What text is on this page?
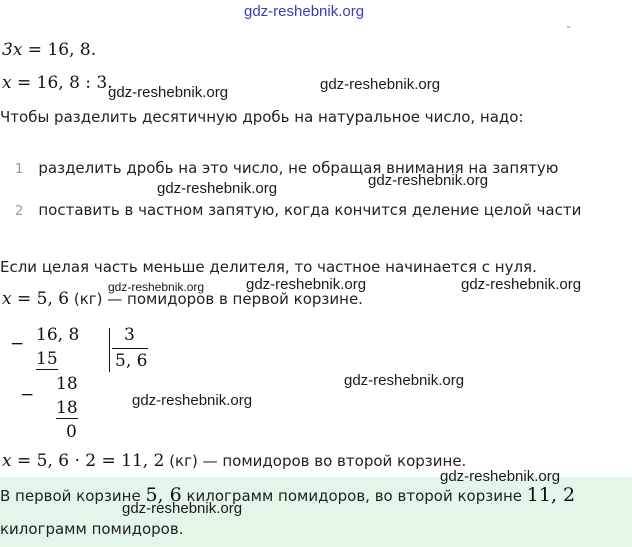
gdz-reshebnik.org
˜
3x = 16, 8.
x = 16, 8 : 3.
gdz-reshebnik.org	gdz-reshebnik.org
Чтобы разделить десятичную дробь на натуральное число, надо:
1 разделить дробь на это число, не обращая внимания на запятую
gdz-reshebnik.org	gdz-reshebnik.org
2 поставить в частном запятую, когда кончится деление целой части
Если целая часть меньше делителя, то частное начинается с нуля.
gdz-reshebnik.org	gdz-reshebnik.org	gdz-reshebnik.org
x = 5, 6 (кг) — помидоров в первой корзине.
− 16, 8
15
3
5, 6
−
18
18
0
gdz-reshebnik.org
gdz-reshebnik.org
x = 5, 6 · 2 = 11, 2 (кг) — помидоров во второй корзине.
gdz-reshebnik.org
В первой корзине 5, 6 килограмм помидоров, во второй корзине 11, 2
gdz-reshebnik.org
килограмм помидоров.
